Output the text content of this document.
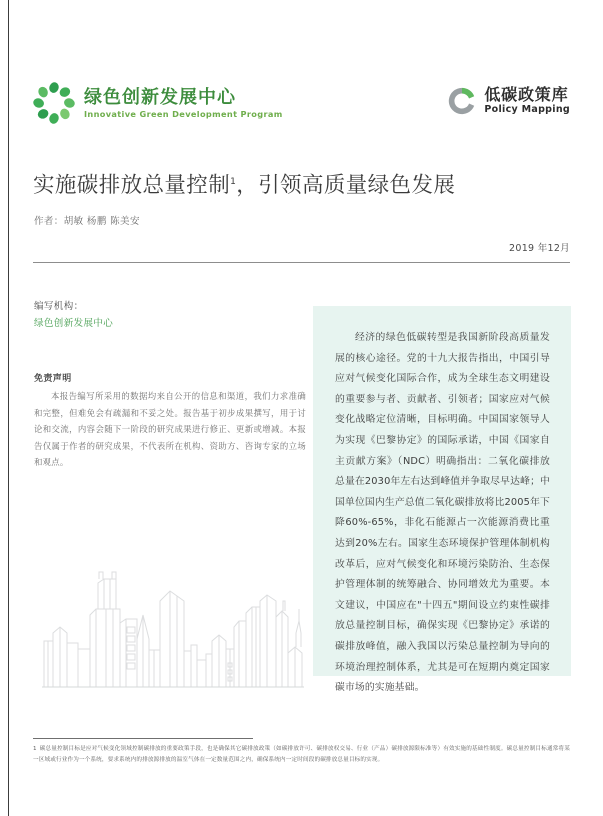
绿色创新发展中心
Innovative Green Development Program
低碳政策库
Policy Mapping
实施碳排放总量控制$^1$，引领高质量绿色发展
作者：胡敏 杨鹏 陈美安
2019 年12月
编写机构：
绿色创新发展中心
免责声明
本报告编写所采用的数据均来自公开的信息和渠道，我们力求准确和完整，但难免会有疏漏和不妥之处。报告基于初步成果撰写，用于讨论和交流，内容会随下一阶段的研究成果进行修正、更新或增减。本报告仅属于作者的研究成果，不代表所在机构、资助方、咨询专家的立场和观点。
经济的绿色低碳转型是我国新阶段高质量发展的核心途径。党的十九大报告指出，中国引导应对气候变化国际合作，成为全球生态文明建设的重要参与者、贡献者、引领者；国家应对气候变化战略定位清晰，目标明确。中国国家领导人为实现《巴黎协定》的国际承诺，中国《国家自主贡献方案》（NDC）明确指出：二氧化碳排放总量在2030年左右达到峰值并争取尽早达峰；中国单位国内生产总值二氧化碳排放将比2005年下降60%-65%，非化石能源占一次能源消费比重达到20%左右。国家生态环境保护管理体制机构改革后，应对气候变化和环境污染防治、生态保护管理体制的统筹融合、协同增效尤为重要。本文建议，中国应在"十四五"期间设立约束性碳排放总量控制目标，确保实现《巴黎协定》承诺的碳排放峰值，融入我国以污染总量控制为导向的环境治理控制体系，尤其是可在短期内奠定国家碳市场的实施基础。
1 碳总量控制目标是应对气候变化领域控制碳排放的重要政策手段，也是确保其它碳排放政策（如碳排放许可、碳排放权交易、行业（产品）碳排放源限标准等）有效实施的基础性制度。碳总量控制目标通常将某一区域或行业作为一个系统，要求系统内的排放源排放的温室气体在一定数量范围之内，确保系统内一定时间段的碳排放总量目标的实现。
